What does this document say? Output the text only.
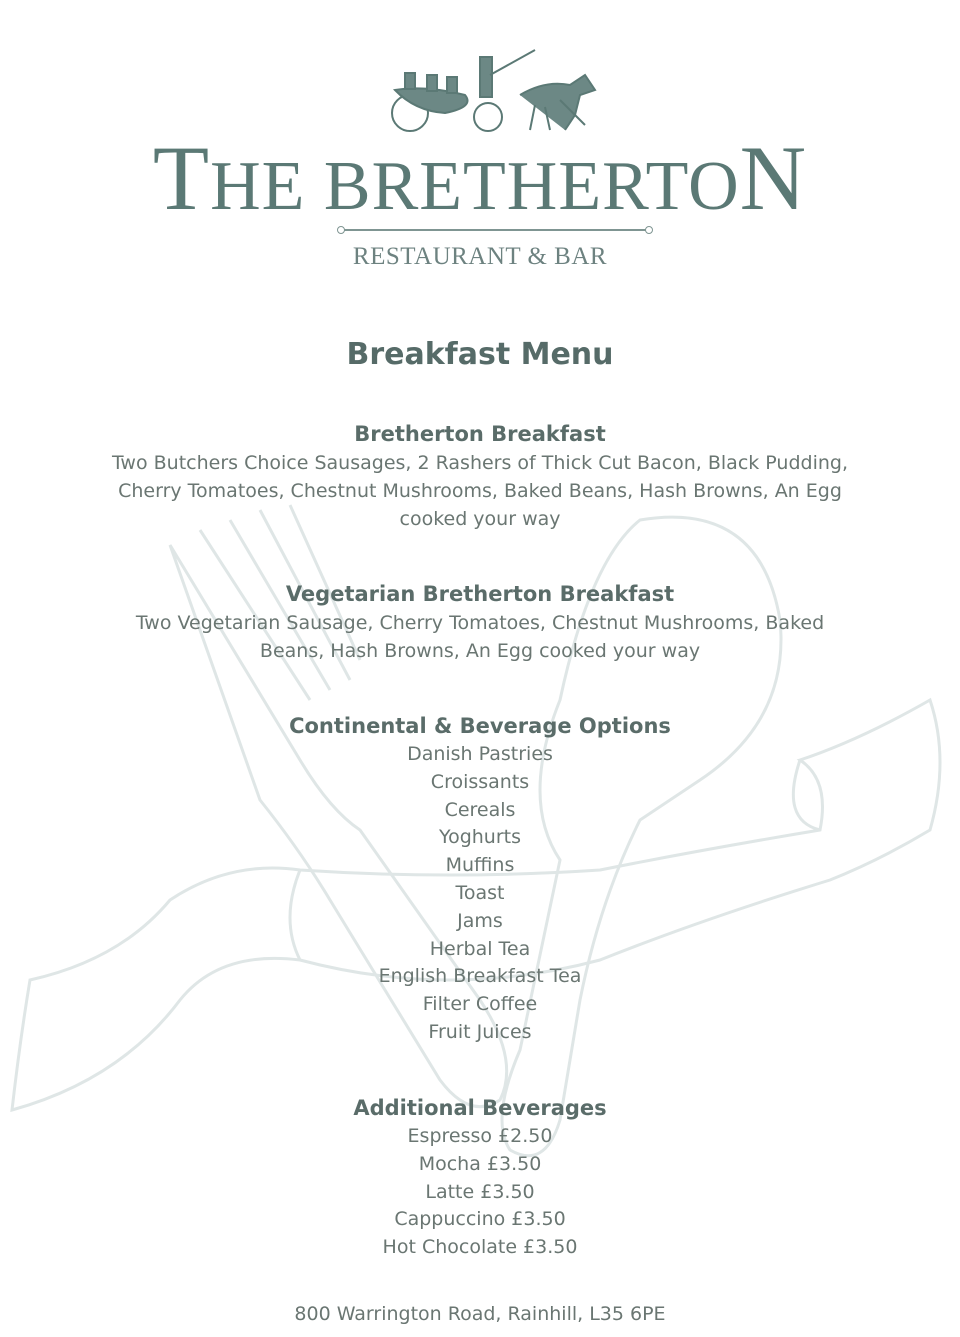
THE BRETHERTON
RESTAURANT & BAR
Breakfast Menu
Bretherton Breakfast

Two Butchers Choice Sausages, 2 Rashers of Thick Cut Bacon, Black Pudding,

Cherry Tomatoes, Chestnut Mushrooms, Baked Beans, Hash Browns, An Egg

cooked your way

Vegetarian Bretherton Breakfast

Two Vegetarian Sausage, Cherry Tomatoes, Chestnut Mushrooms, Baked

Beans, Hash Browns, An Egg cooked your way

Continental & Beverage Options
Danish Pastries
Croissants
Cereals
Yoghurts
Muffins
Toast
Jams
Herbal Tea
English Breakfast Tea
Filter Coffee
Fruit Juices
Additional Beverages
Espresso £2.50
Mocha £3.50
Latte £3.50
Cappuccino £3.50
Hot Chocolate £3.50
800 Warrington Road, Rainhill, L35 6PE
